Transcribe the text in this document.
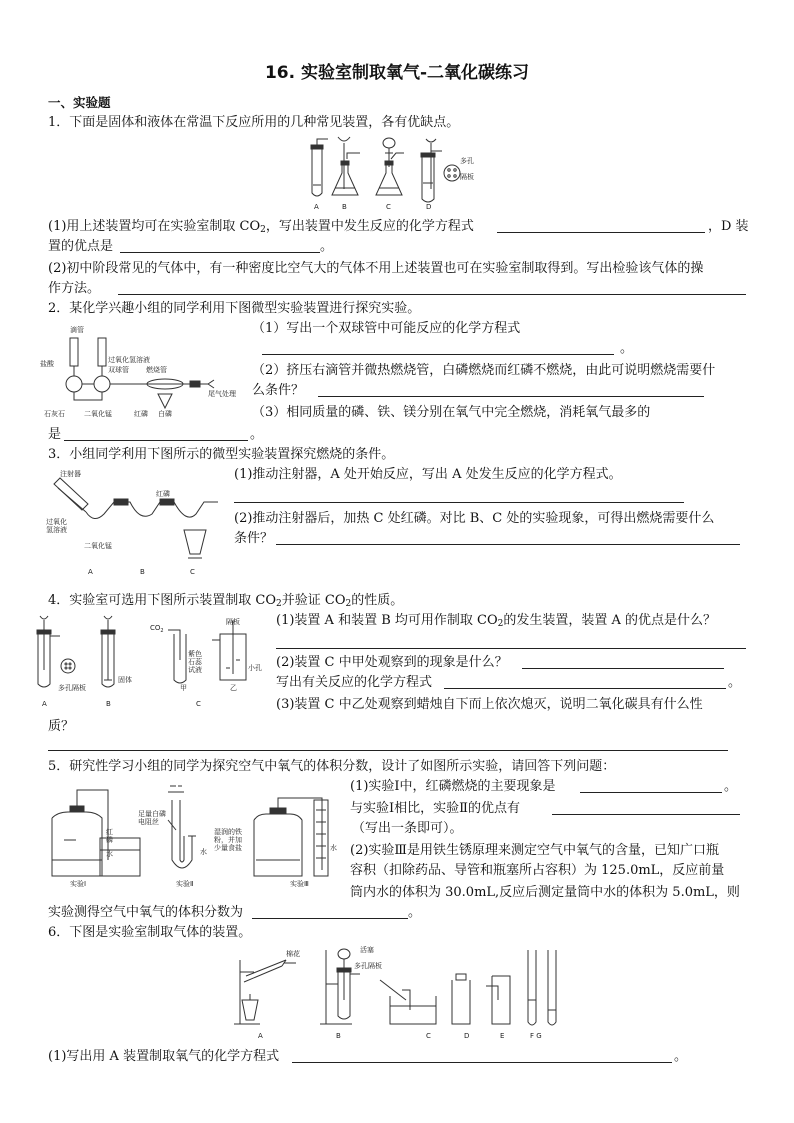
16. 实验室制取氧气-二氧化碳练习
一、实验题
1．下面是固体和液体在常温下反应所用的几种常见装置，各有优缺点。
多孔
隔板
A	B	C	D
(1)用上述装置均可在实验室制取 $CO_2$，写出装置中发生反应的化学方程式	，D 装
置的优点是	。
(2)初中阶段常见的气体中，有一种密度比空气大的气体不用上述装置也可在实验室制取得到。写出检验该气体的操
作方法。
2．某化学兴趣小组的同学利用下图微型实验装置进行探究实验。
滴管
盐酸	过氧化氢溶液
双球管 燃烧管
尾气处理
石灰石	二氧化锰	红磷 白磷
（1）写出一个双球管中可能反应的化学方程式
。
（2）挤压右滴管并微热燃烧管，白磷燃烧而红磷不燃烧，由此可说明燃烧需要什
么条件？
（3）相同质量的磷、铁、镁分别在氧气中完全燃烧，消耗氧气最多的
是	。
3．小组同学利用下图所示的微型实验装置探究燃烧的条件。
注射器
红磷
过氧化
氢溶液
二氧化锰
A	B	C
(1)推动注射器，A 处开始反应，写出 A 处发生反应的化学方程式。
(2)推动注射器后，加热 C 处红磷。对比 B、C 处的实验现象，可得出燃烧需要什么
条件？
4．实验室可选用下图所示装置制取 $CO_2$并验证 $CO_2$的性质。
$CO_2$
紫色
石蕊
试液
甲	乙
隔板
小孔
多孔隔板
固体
A	B	C
(1)装置 A 和装置 B 均可用作制取 $CO_2$的发生装置，装置 A 的优点是什么？
(2)装置 C 中甲处观察到的现象是什么？
写出有关反应的化学方程式	。
(3)装置 C 中乙处观察到蜡烛自下而上依次熄灭，说明二氧化碳具有什么性
质？
5．研究性学习小组的同学为探究空气中氧气的体积分数，设计了如图所示实验，请回答下列问题：
红
磷
水
足量白磷
电阻丝
水
湿润的铁
粉，并加
少量食盐	水
实验Ⅰ	实验Ⅱ	实验Ⅲ
(1)实验Ⅰ中，红磷燃烧的主要现象是	。
与实验Ⅰ相比，实验Ⅱ的优点有
（写出一条即可）。
(2)实验Ⅲ是用铁生锈原理来测定空气中氧气的含量，已知广口瓶
容积（扣除药品、导管和瓶塞所占容积）为 125.0mL，反应前量
筒内水的体积为 30.0mL,反应后测定量筒中水的体积为 5.0mL，则
实验测得空气中氧气的体积分数为	。
6．下图是实验室制取气体的装置。
棉花	活塞
多孔隔板
A	B	C	D	E	F G
(1)写出用 A 装置制取氧气的化学方程式	。
